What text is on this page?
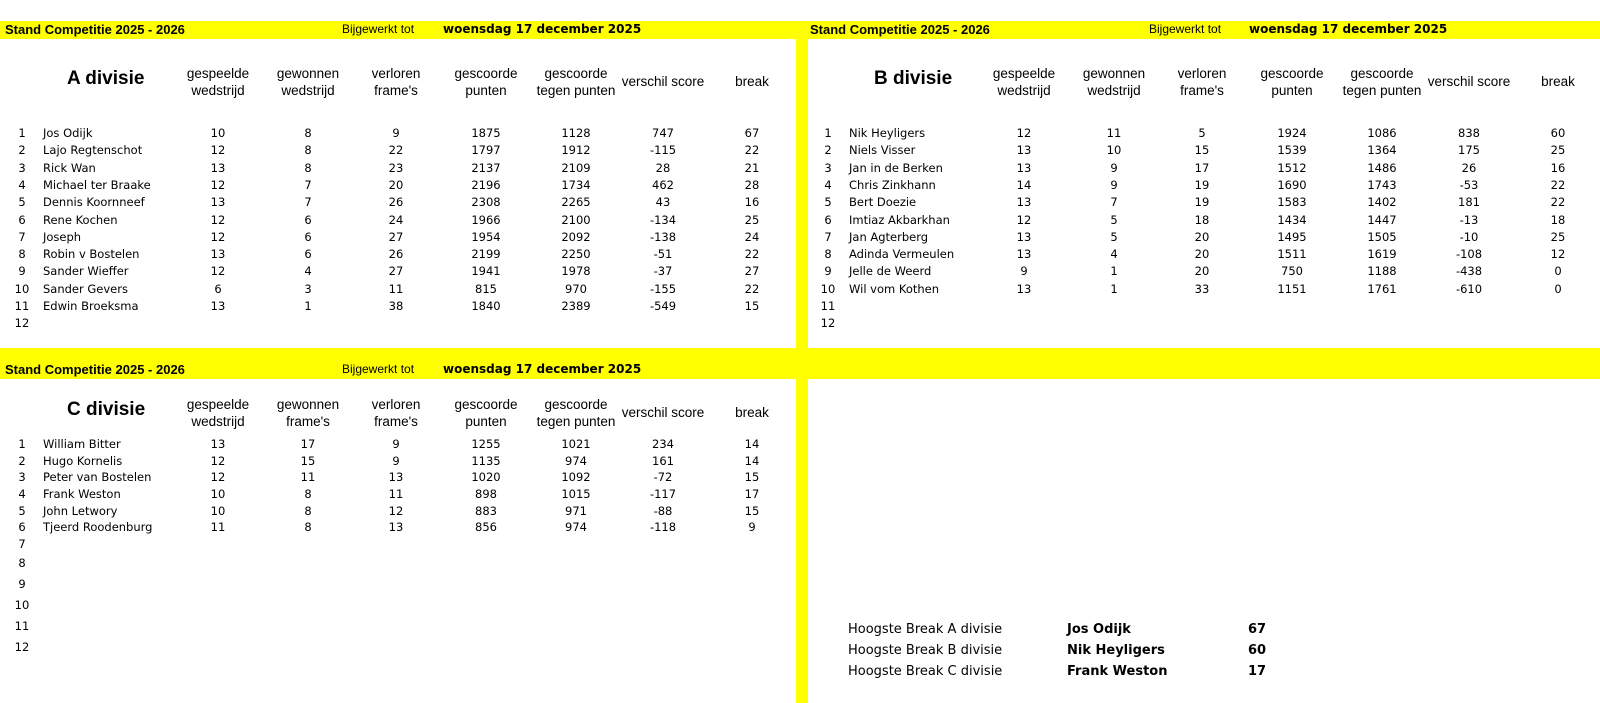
Stand Competitie 2025 - 2026	Bijgewerkt tot woensdag 17 december 2025
A divisie	gespeelde
wedstrijd
gewonnen
wedstrijd
verloren
frame's
gescoorde
punten
gescoorde
tegen punten
verschil score	break
1	Jos Odijk	10	8	9	1875	1128	747	67
2	Lajo Regtenschot	12	8	22	1797	1912	-115	22
3	Rick Wan	13	8	23	2137	2109	28	21
4	Michael ter Braake	12	7	20	2196	1734	462	28
5	Dennis Koornneef	13	7	26	2308	2265	43	16
6	Rene Kochen	12	6	24	1966	2100	-134	25
7	Joseph	12	6	27	1954	2092	-138	24
8	Robin v Bostelen	13	6	26	2199	2250	-51	22
9	Sander Wieffer	12	4	27	1941	1978	-37	27
10 Sander Gevers	6	3	11	815	970	-155	22
11 Edwin Broeksma	13	1	38	1840	2389	-549	15
12
Stand Competitie 2025 - 2026	Bijgewerkt tot woensdag 17 december 2025
B divisie	gespeelde
wedstrijd
gewonnen
wedstrijd
verloren
frame's
gescoorde
punten
gescoorde
tegen punten
verschil score	break
1	Nik Heyligers	12	11	5	1924	1086	838	60
2	Niels Visser	13	10	15	1539	1364	175	25
3	Jan in de Berken	13	9	17	1512	1486	26	16
4	Chris Zinkhann	14	9	19	1690	1743	-53	22
5	Bert Doezie	13	7	19	1583	1402	181	22
6	Imtiaz Akbarkhan	12	5	18	1434	1447	-13	18
7	Jan Agterberg	13	5	20	1495	1505	-10	25
8	Adinda Vermeulen	13	4	20	1511	1619	-108	12
9	Jelle de Weerd	9	1	20	750	1188	-438	0
10 Wil vom Kothen	13	1	33	1151	1761	-610	0
11
12
Stand Competitie 2025 - 2026	Bijgewerkt tot woensdag 17 december 2025
C divisie	gespeelde
wedstrijd
gewonnen
frame's
verloren
frame's
gescoorde
punten
gescoorde
tegen punten
verschil score	break
1	William Bitter	13	17	9	1255	1021	234	14
2	Hugo Kornelis	12	15	9	1135	974	161	14
3	Peter van Bostelen	12	11	13	1020	1092	-72	15
4	Frank Weston	10	8	11	898	1015	-117	17
5	John Letwory	10	8	12	883	971	-88	15
6	Tjeerd Roodenburg	11	8	13	856	974	-118	9
7
8
9
10
11
12
Hoogste Break A divisie	Jos Odijk	67
Hoogste Break B divisie	Nik Heyligers	60
Hoogste Break C divisie	Frank Weston	17
